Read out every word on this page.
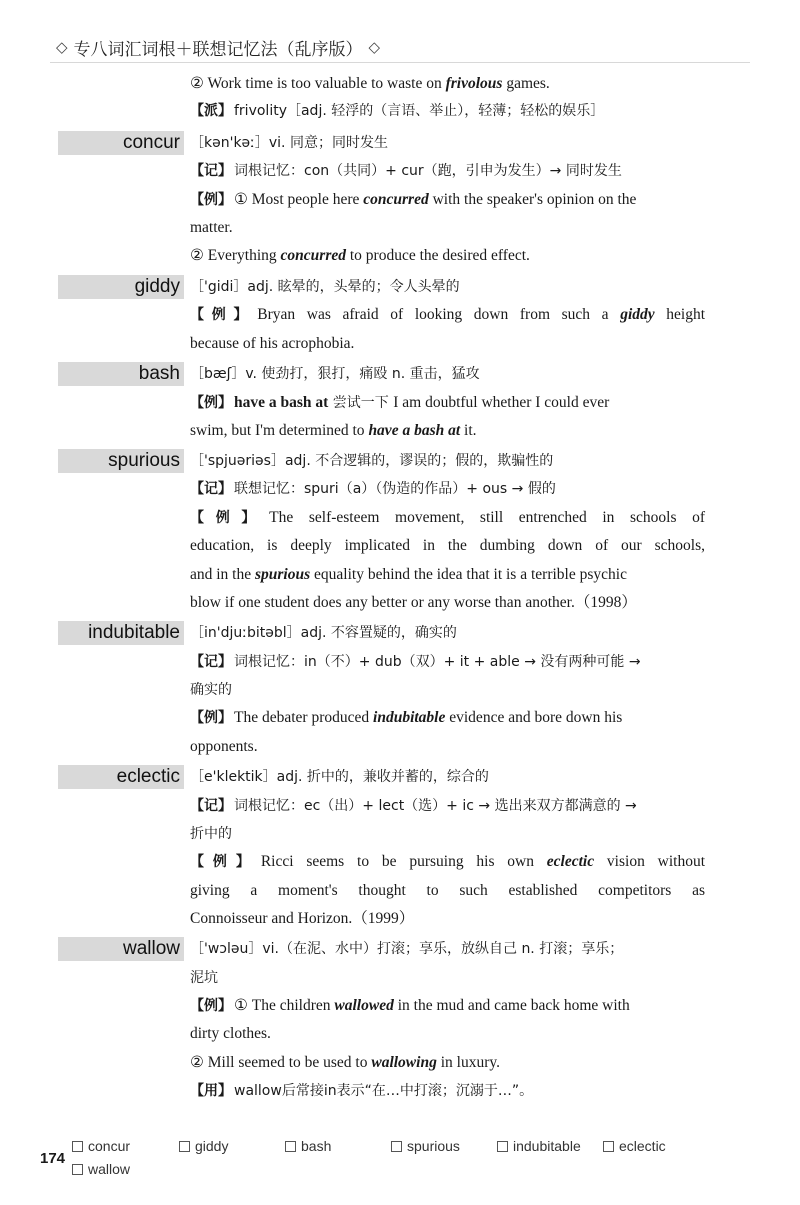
◇ 专八词汇词根＋联想记忆法（乱序版） ◇
② Work time is too valuable to waste on frivolous games.
【派】 frivolity［adj. 轻浮的（言语、举止），轻薄；轻松的娱乐］
concur ［kən'kəː］vi. 同意；同时发生
【记】 词根记忆：con（共同）+ cur（跑，引申为发生）→ 同时发生
【例】 ① Most people here concurred with the speaker's opinion on the
matter.
② Everything concurred to produce the desired effect.
giddy ［'gidi］adj. 眩晕的，头晕的；令人头晕的
【例】 Bryan was afraid of looking down from such a giddy height
because of his acrophobia.
bash ［bæʃ］v. 使劲打，狠打，痛殴 n. 重击，猛攻
【例】 have a bash at 尝试一下 I am doubtful whether I could ever
swim, but I'm determined to have a bash at it.
spurious ［'spjuəriəs］adj. 不合逻辑的，谬误的；假的，欺骗性的
【记】 联想记忆：spuri（a）（伪造的作品）+ ous → 假的
【例】 The self-esteem movement, still entrenched in schools of
education, is deeply implicated in the dumbing down of our schools,
and in the spurious equality behind the idea that it is a terrible psychic
blow if one student does any better or any worse than another.（1998）
indubitable ［in'djuːbitəbl］adj. 不容置疑的，确实的
【记】 词根记忆：in（不）+ dub（双）+ it + able → 没有两种可能 →
确实的
【例】 The debater produced indubitable evidence and bore down his
opponents.
eclectic ［e'klektik］adj. 折中的，兼收并蓄的，综合的
【记】 词根记忆：ec（出）+ lect（选）+ ic → 选出来双方都满意的 →
折中的
【例】 Ricci seems to be pursuing his own eclectic vision without
giving a moment's thought to such established competitors as
Connoisseur and Horizon.（1999）
wallow ［'wɔləu］vi.（在泥、水中）打滚；享乐，放纵自己 n. 打滚；享乐；
泥坑
【例】 ① The children wallowed in the mud and came back home with
dirty clothes.
② Mill seemed to be used to wallowing in luxury.
【用】 wallow后常接in表示“在…中打滚；沉溺于…”。
174
concur	giddy	bash	spurious	indubitable	eclectic
wallow
